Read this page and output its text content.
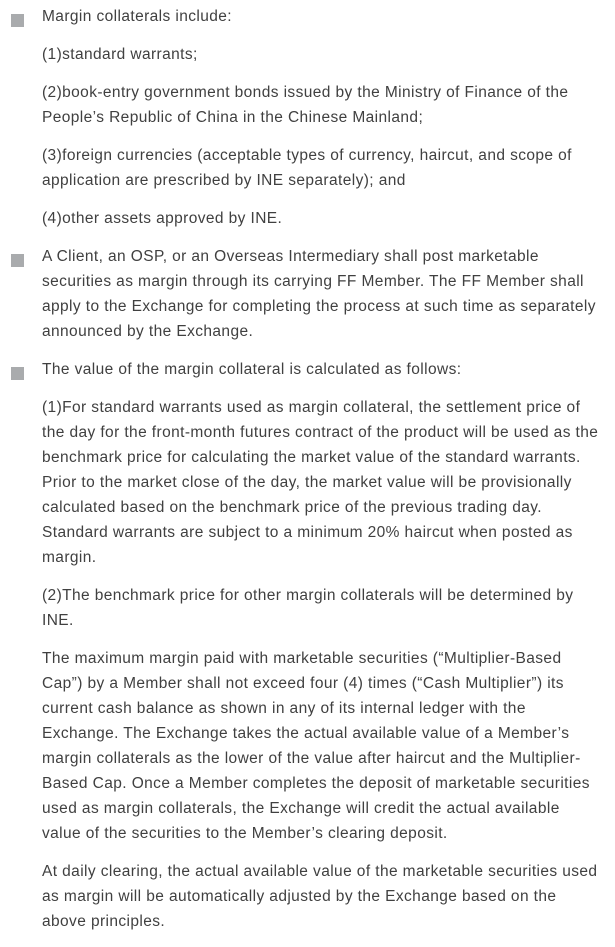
Margin collaterals include:

(1)standard warrants;

(2)book-entry government bonds issued by the Ministry of Finance of the People’s Republic of China in the Chinese Mainland;

(3)foreign currencies (acceptable types of currency, haircut, and scope of application are prescribed by INE separately); and

(4)other assets approved by INE.

A Client, an OSP, or an Overseas Intermediary shall post marketable securities as margin through its carrying FF Member. The FF Member shall apply to the Exchange for completing the process at such time as separately announced by the Exchange.

The value of the margin collateral is calculated as follows:

(1)For standard warrants used as margin collateral, the settlement price of the day for the front-month futures contract of the product will be used as the benchmark price for calculating the market value of the standard warrants. Prior to the market close of the day, the market value will be provisionally calculated based on the benchmark price of the previous trading day. Standard warrants are subject to a minimum 20% haircut when posted as margin.

(2)The benchmark price for other margin collaterals will be determined by INE.

The maximum margin paid with marketable securities (“Multiplier-Based Cap”) by a Member shall not exceed four (4) times (“Cash Multiplier”) its current cash balance as shown in any of its internal ledger with the Exchange. The Exchange takes the actual available value of a Member’s margin collaterals as the lower of the value after haircut and the Multiplier-Based Cap. Once a Member completes the deposit of marketable securities used as margin collaterals, the Exchange will credit the actual available value of the securities to the Member’s clearing deposit.

At daily clearing, the actual available value of the marketable securities used as margin will be automatically adjusted by the Exchange based on the above principles.
